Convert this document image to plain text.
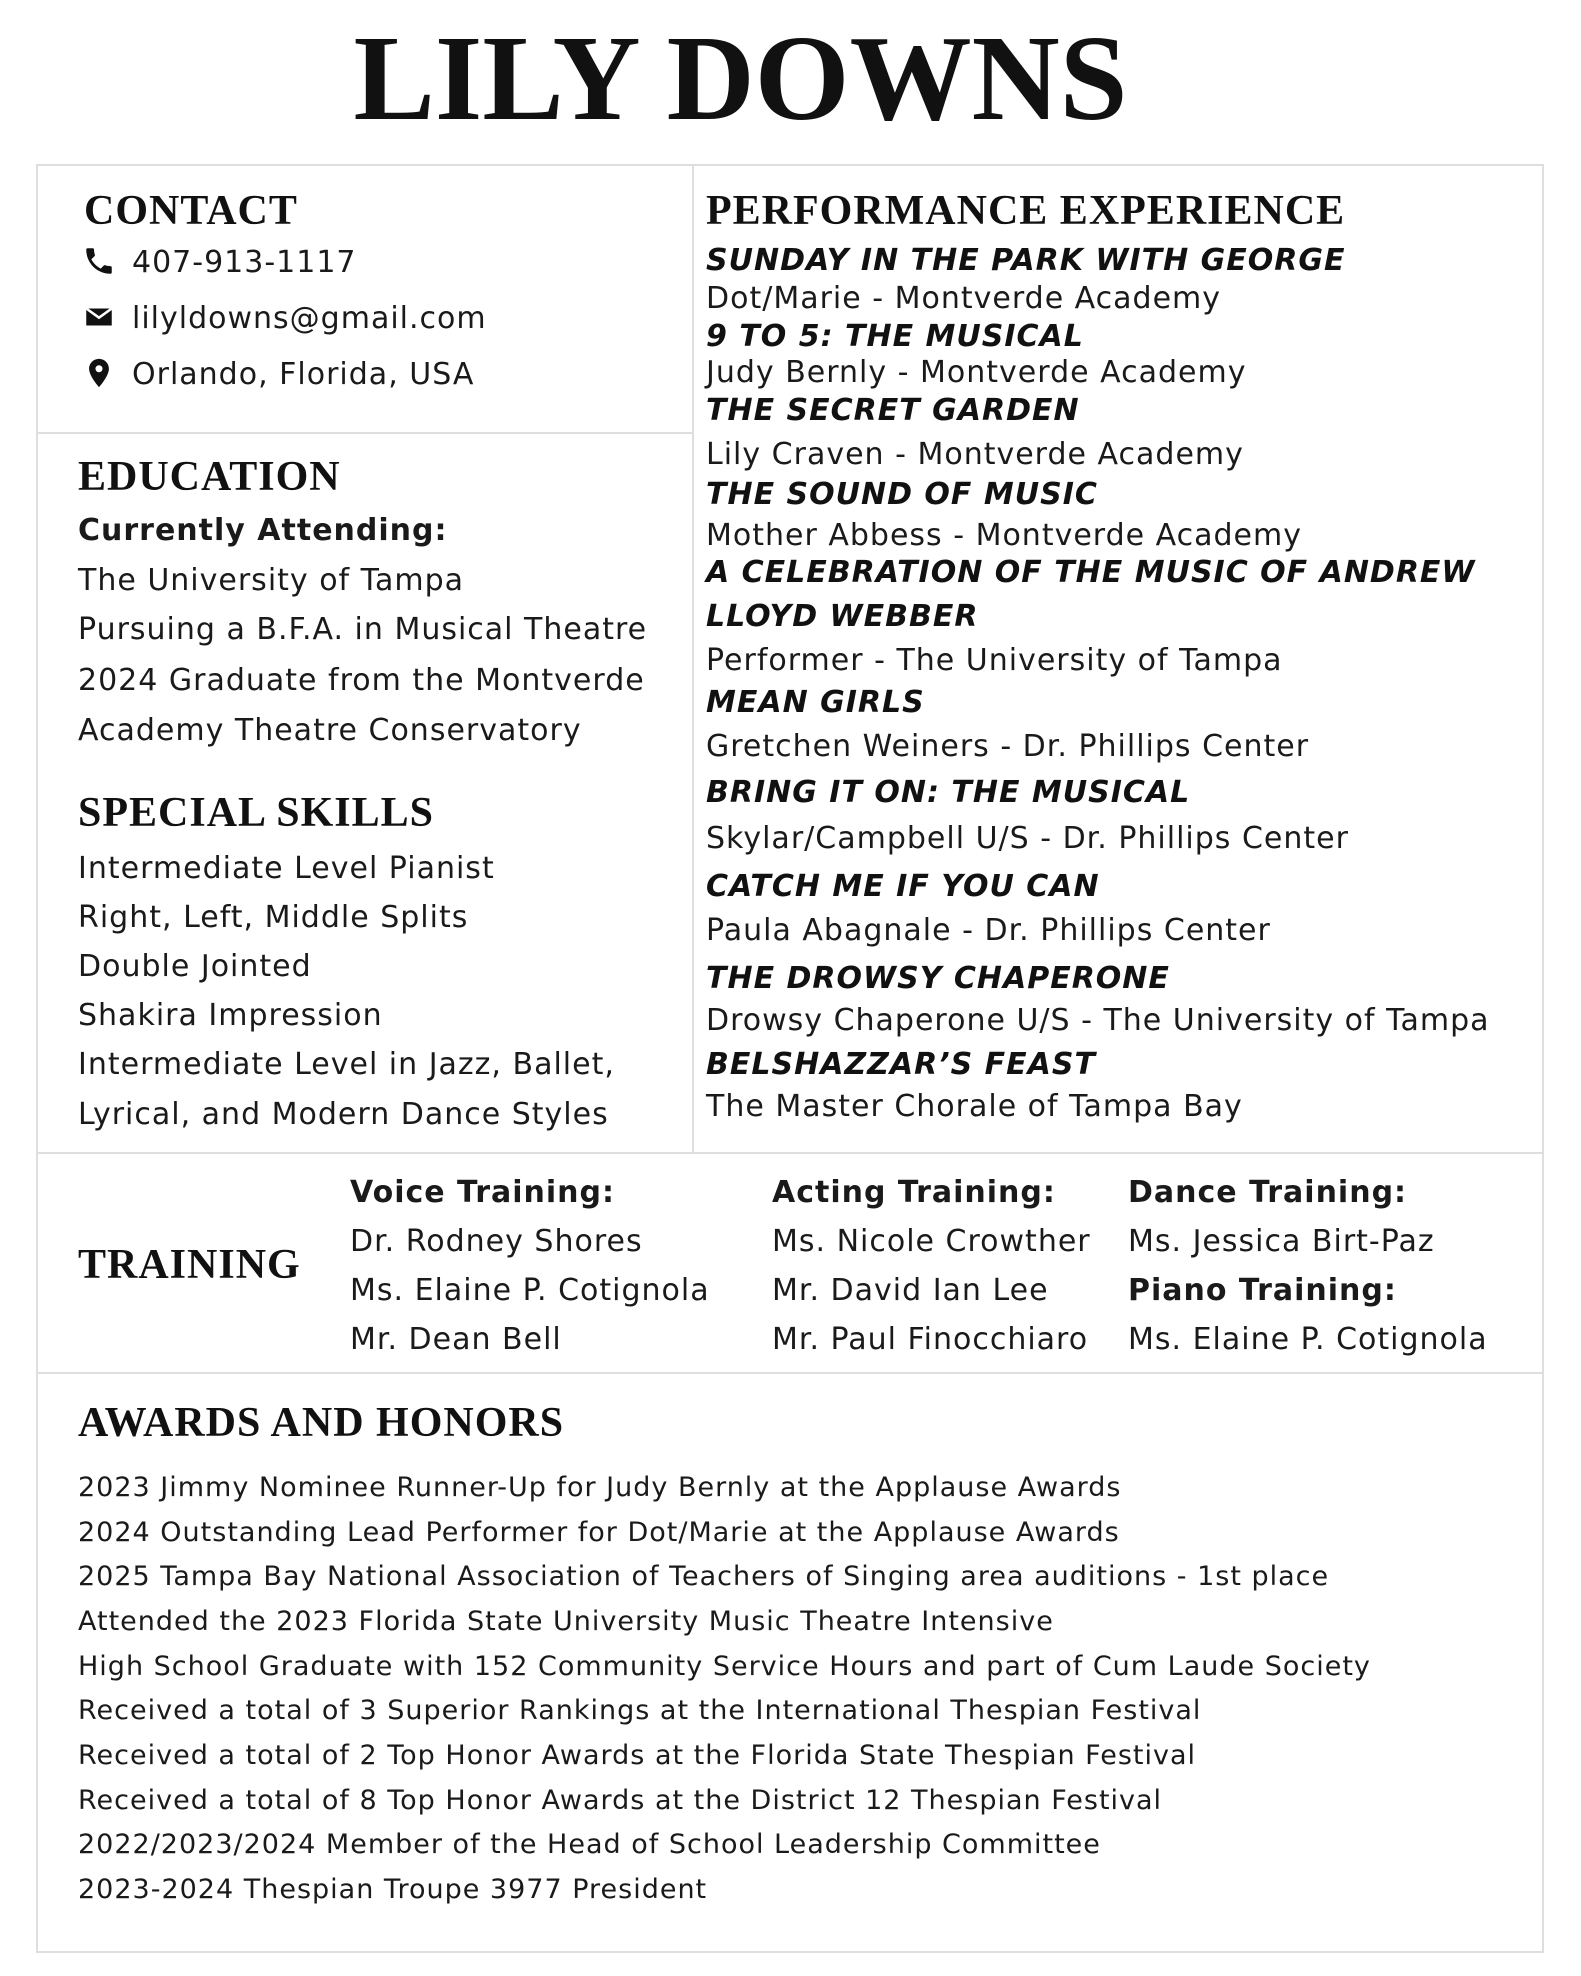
LILY DOWNS
CONTACT
407-913-1117
lilyldowns@gmail.com
Orlando, Florida, USA
EDUCATION
Currently Attending:
The University of Tampa
Pursuing a B.F.A. in Musical Theatre
2024 Graduate from the Montverde
Academy Theatre Conservatory
SPECIAL SKILLS
Intermediate Level Pianist
Right, Left, Middle Splits
Double Jointed
Shakira Impression
Intermediate Level in Jazz, Ballet,
Lyrical, and Modern Dance Styles
PERFORMANCE EXPERIENCE
SUNDAY IN THE PARK WITH GEORGE
Dot/Marie - Montverde Academy
9 TO 5: THE MUSICAL
Judy Bernly - Montverde Academy
THE SECRET GARDEN
Lily Craven - Montverde Academy
THE SOUND OF MUSIC
Mother Abbess - Montverde Academy
A CELEBRATION OF THE MUSIC OF ANDREW
LLOYD WEBBER
Performer - The University of Tampa
MEAN GIRLS
Gretchen Weiners - Dr. Phillips Center
BRING IT ON: THE MUSICAL
Skylar/Campbell U/S - Dr. Phillips Center
CATCH ME IF YOU CAN
Paula Abagnale - Dr. Phillips Center
THE DROWSY CHAPERONE
Drowsy Chaperone U/S - The University of Tampa
BELSHAZZAR’S FEAST
The Master Chorale of Tampa Bay
TRAINING
Voice Training:
Dr. Rodney Shores
Ms. Elaine P. Cotignola
Mr. Dean Bell
Acting Training:
Ms. Nicole Crowther
Mr. David Ian Lee
Mr. Paul Finocchiaro
Dance Training:
Ms. Jessica Birt-Paz
Piano Training:
Ms. Elaine P. Cotignola
AWARDS AND HONORS
2023 Jimmy Nominee Runner-Up for Judy Bernly at the Applause Awards
2024 Outstanding Lead Performer for Dot/Marie at the Applause Awards
2025 Tampa Bay National Association of Teachers of Singing area auditions - 1st place
Attended the 2023 Florida State University Music Theatre Intensive
High School Graduate with 152 Community Service Hours and part of Cum Laude Society
Received a total of 3 Superior Rankings at the International Thespian Festival
Received a total of 2 Top Honor Awards at the Florida State Thespian Festival
Received a total of 8 Top Honor Awards at the District 12 Thespian Festival
2022/2023/2024 Member of the Head of School Leadership Committee
2023-2024 Thespian Troupe 3977 President
